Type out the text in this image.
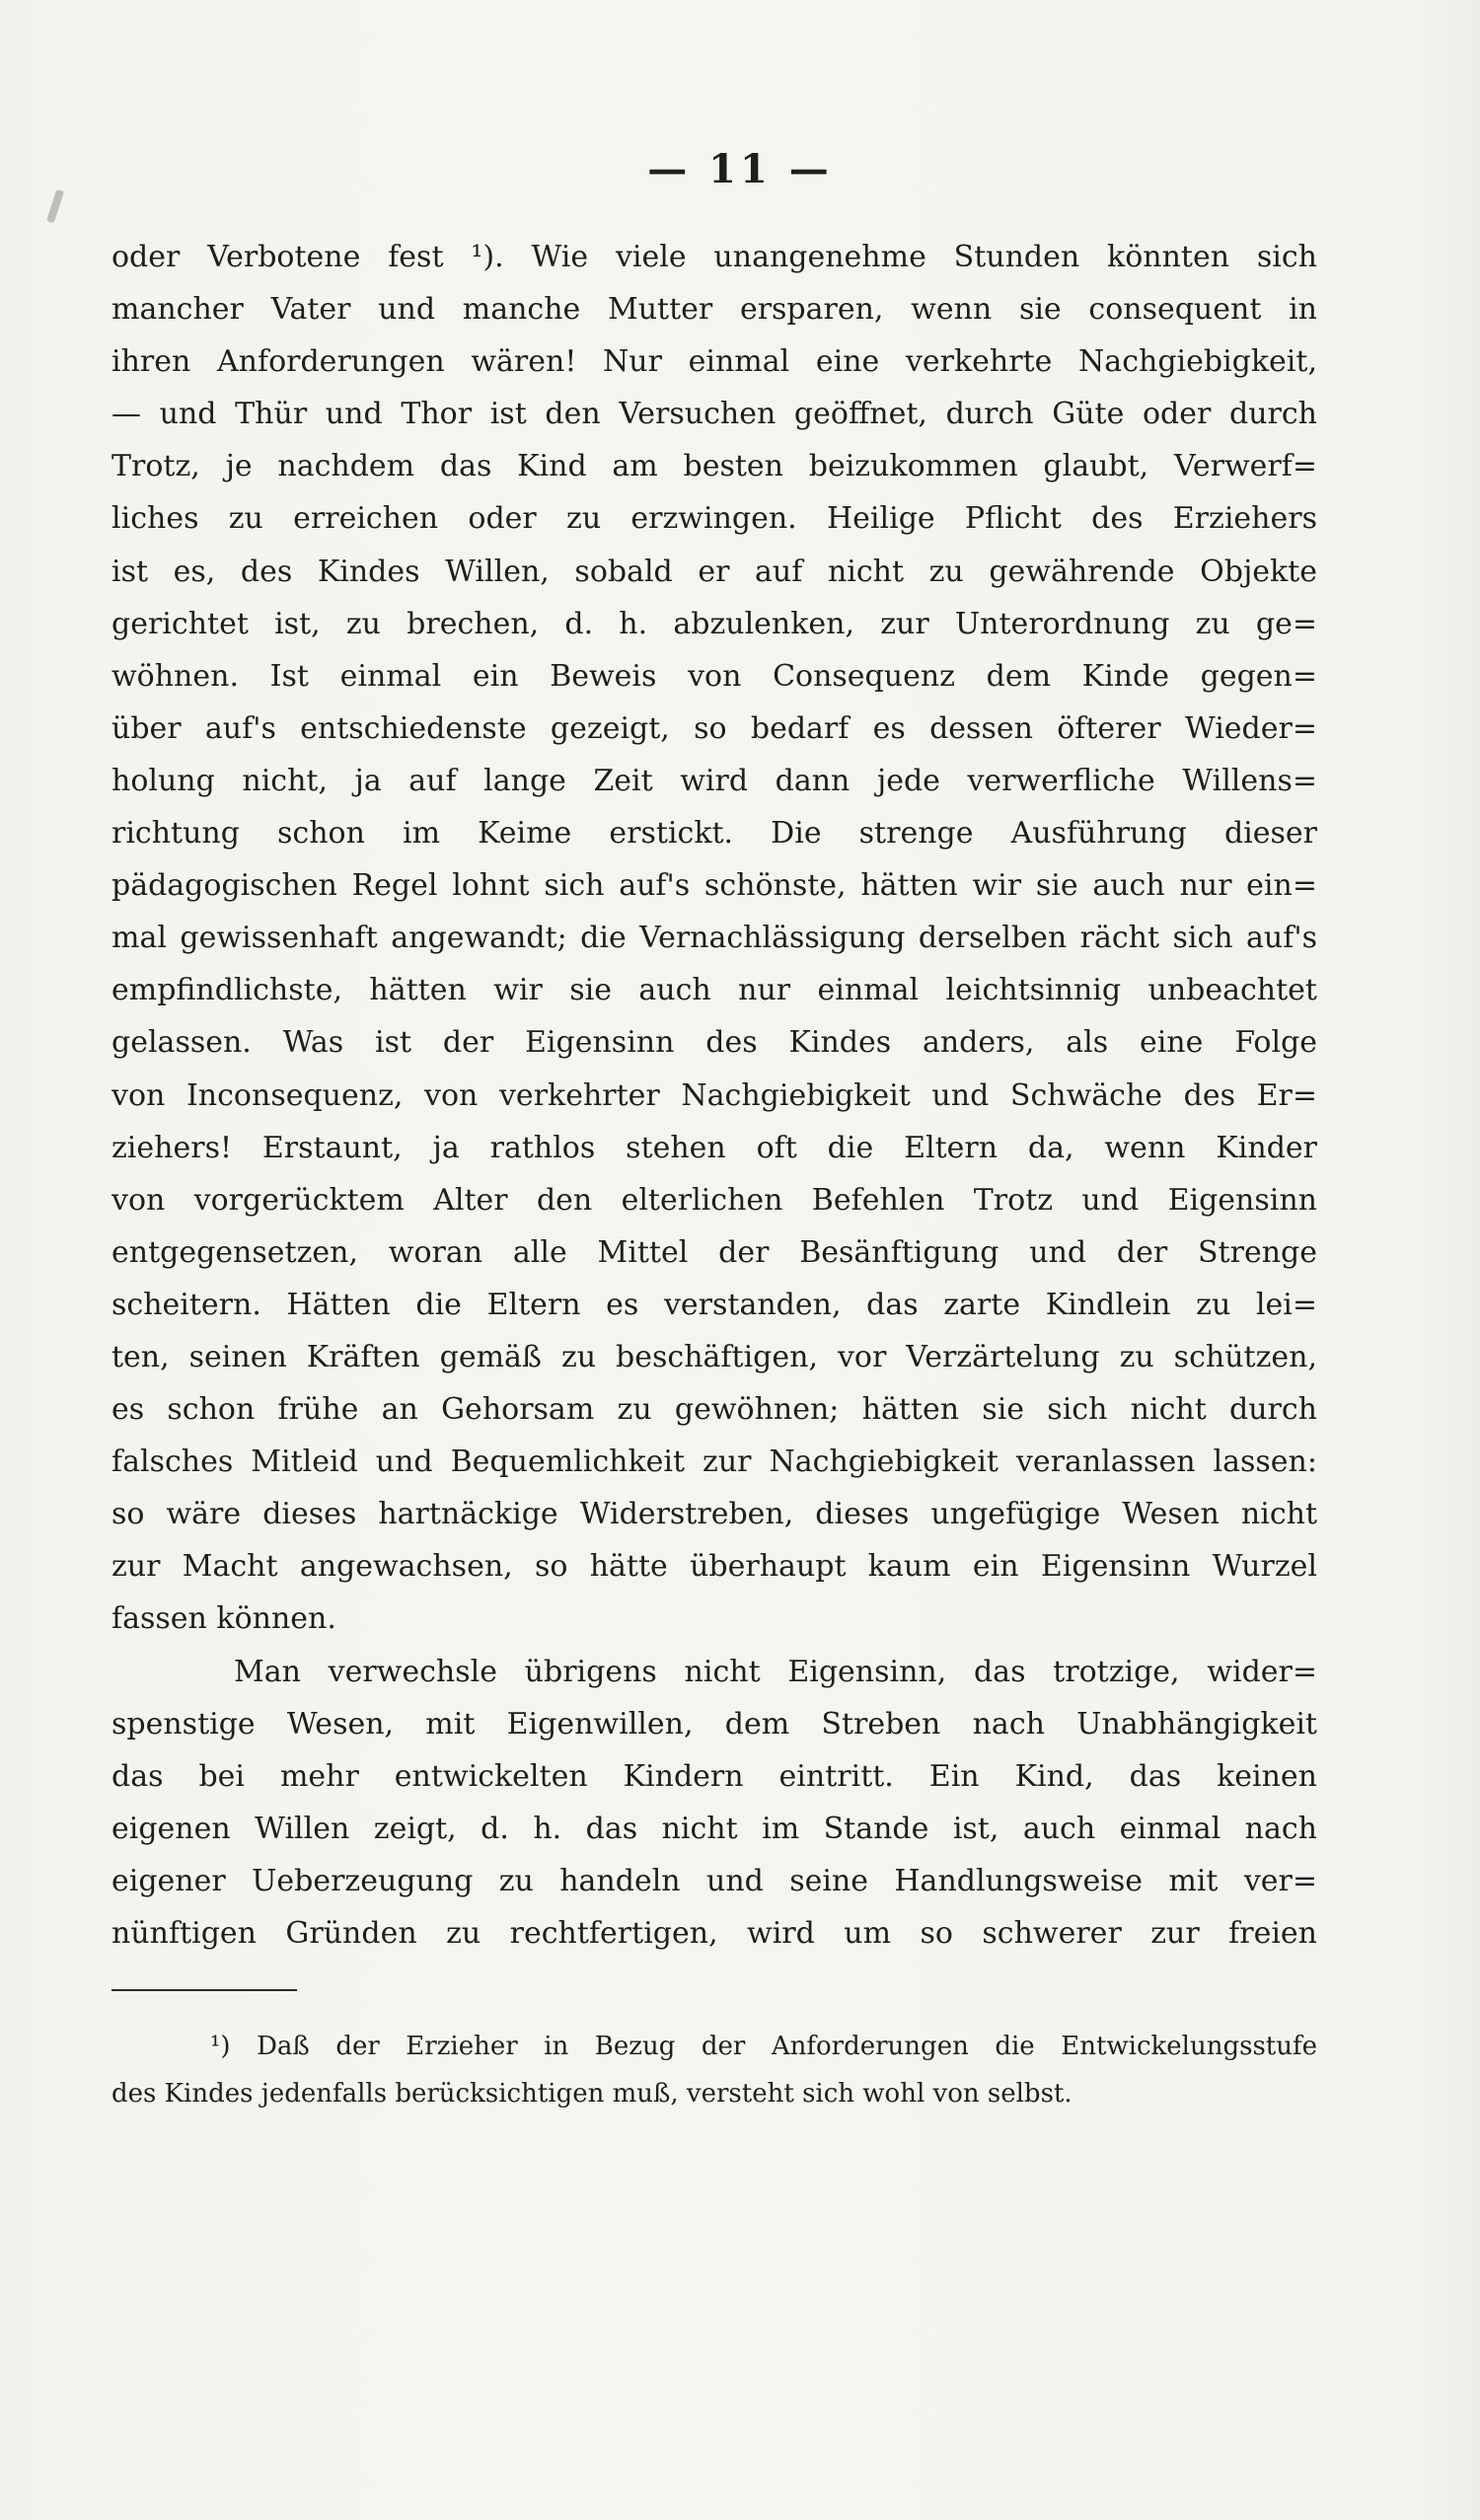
— 11 —
oder Verbotene fest ¹). Wie viele unangenehme Stunden könnten sich
mancher Vater und manche Mutter ersparen, wenn sie consequent in
ihren Anforderungen wären! Nur einmal eine verkehrte Nachgiebigkeit,
— und Thür und Thor ist den Versuchen geöffnet, durch Güte oder durch
Trotz, je nachdem das Kind am besten beizukommen glaubt, Verwerf=
liches zu erreichen oder zu erzwingen. Heilige Pflicht des Erziehers
ist es, des Kindes Willen, sobald er auf nicht zu gewährende Objekte
gerichtet ist, zu brechen, d. h. abzulenken, zur Unterordnung zu ge=
wöhnen. Ist einmal ein Beweis von Consequenz dem Kinde gegen=
über auf's entschiedenste gezeigt, so bedarf es dessen öfterer Wieder=
holung nicht, ja auf lange Zeit wird dann jede verwerfliche Willens=
richtung schon im Keime erstickt. Die strenge Ausführung dieser
pädagogischen Regel lohnt sich auf's schönste, hätten wir sie auch nur ein=
mal gewissenhaft angewandt; die Vernachlässigung derselben rächt sich auf's
empfindlichste, hätten wir sie auch nur einmal leichtsinnig unbeachtet
gelassen. Was ist der Eigensinn des Kindes anders, als eine Folge
von Inconsequenz, von verkehrter Nachgiebigkeit und Schwäche des Er=
ziehers! Erstaunt, ja rathlos stehen oft die Eltern da, wenn Kinder
von vorgerücktem Alter den elterlichen Befehlen Trotz und Eigensinn
entgegensetzen, woran alle Mittel der Besänftigung und der Strenge
scheitern. Hätten die Eltern es verstanden, das zarte Kindlein zu lei=
ten, seinen Kräften gemäß zu beschäftigen, vor Verzärtelung zu schützen,
es schon frühe an Gehorsam zu gewöhnen; hätten sie sich nicht durch
falsches Mitleid und Bequemlichkeit zur Nachgiebigkeit veranlassen lassen:
so wäre dieses hartnäckige Widerstreben, dieses ungefügige Wesen nicht
zur Macht angewachsen, so hätte überhaupt kaum ein Eigensinn Wurzel
fassen können.
Man verwechsle übrigens nicht Eigensinn, das trotzige, wider=
spenstige Wesen, mit Eigenwillen, dem Streben nach Unabhängigkeit
das bei mehr entwickelten Kindern eintritt. Ein Kind, das keinen
eigenen Willen zeigt, d. h. das nicht im Stande ist, auch einmal nach
eigener Ueberzeugung zu handeln und seine Handlungsweise mit ver=
nünftigen Gründen zu rechtfertigen, wird um so schwerer zur freien
¹) Daß der Erzieher in Bezug der Anforderungen die Entwickelungsstufe
des Kindes jedenfalls berücksichtigen muß, versteht sich wohl von selbst.
